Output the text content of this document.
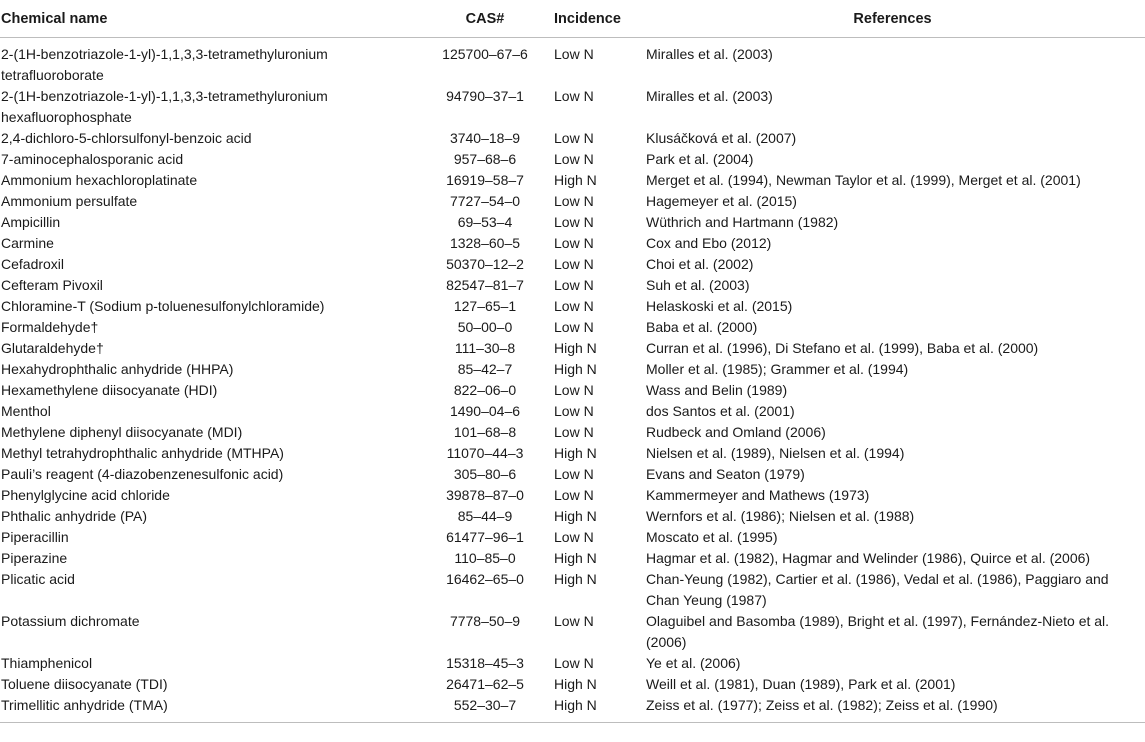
Chemical name	CAS#	Incidence	References
2-(1H-benzotriazole-1-yl)-1,1,3,3-tetramethyluronium tetrafluoroborate	125700–67–6	Low N	Miralles et al. (2003)
2-(1H-benzotriazole-1-yl)-1,1,3,3-tetramethyluronium hexafluorophosphate	94790–37–1	Low N	Miralles et al. (2003)
2,4-dichloro-5-chlorsulfonyl-benzoic acid	3740–18–9	Low N	Klusáčková et al. (2007)
7-aminocephalosporanic acid	957–68–6	Low N	Park et al. (2004)
Ammonium hexachloroplatinate	16919–58–7	High N	Merget et al. (1994), Newman Taylor et al. (1999), Merget et al. (2001)
Ammonium persulfate	7727–54–0	Low N	Hagemeyer et al. (2015)
Ampicillin	69–53–4	Low N	Wüthrich and Hartmann (1982)
Carmine	1328–60–5	Low N	Cox and Ebo (2012)
Cefadroxil	50370–12–2	Low N	Choi et al. (2002)
Cefteram Pivoxil	82547–81–7	Low N	Suh et al. (2003)
Chloramine-T (Sodium p-toluenesulfonylchloramide)	127–65–1	Low N	Helaskoski et al. (2015)
Formaldehyde†	50–00–0	Low N	Baba et al. (2000)
Glutaraldehyde†	111–30–8	High N	Curran et al. (1996), Di Stefano et al. (1999), Baba et al. (2000)
Hexahydrophthalic anhydride (HHPA)	85–42–7	High N	Moller et al. (1985); Grammer et al. (1994)
Hexamethylene diisocyanate (HDI)	822–06–0	Low N	Wass and Belin (1989)
Menthol	1490–04–6	Low N	dos Santos et al. (2001)
Methylene diphenyl diisocyanate (MDI)	101–68–8	Low N	Rudbeck and Omland (2006)
Methyl tetrahydrophthalic anhydride (MTHPA)	11070–44–3	High N	Nielsen et al. (1989), Nielsen et al. (1994)
Pauli’s reagent (4-diazobenzenesulfonic acid)	305–80–6	Low N	Evans and Seaton (1979)
Phenylglycine acid chloride	39878–87–0	Low N	Kammermeyer and Mathews (1973)
Phthalic anhydride (PA)	85–44–9	High N	Wernfors et al. (1986); Nielsen et al. (1988)
Piperacillin	61477–96–1	Low N	Moscato et al. (1995)
Piperazine	110–85–0	High N	Hagmar et al. (1982), Hagmar and Welinder (1986), Quirce et al. (2006)
Plicatic acid	16462–65–0	High N	Chan-Yeung (1982), Cartier et al. (1986), Vedal et al. (1986), Paggiaro and Chan Yeung (1987)
Potassium dichromate	7778–50–9	Low N	Olaguibel and Basomba (1989), Bright et al. (1997), Fernández-Nieto et al. (2006)
Thiamphenicol	15318–45–3	Low N	Ye et al. (2006)
Toluene diisocyanate (TDI)	26471–62–5	High N	Weill et al. (1981), Duan (1989), Park et al. (2001)
Trimellitic anhydride (TMA)	552–30–7	High N	Zeiss et al. (1977); Zeiss et al. (1982); Zeiss et al. (1990)
